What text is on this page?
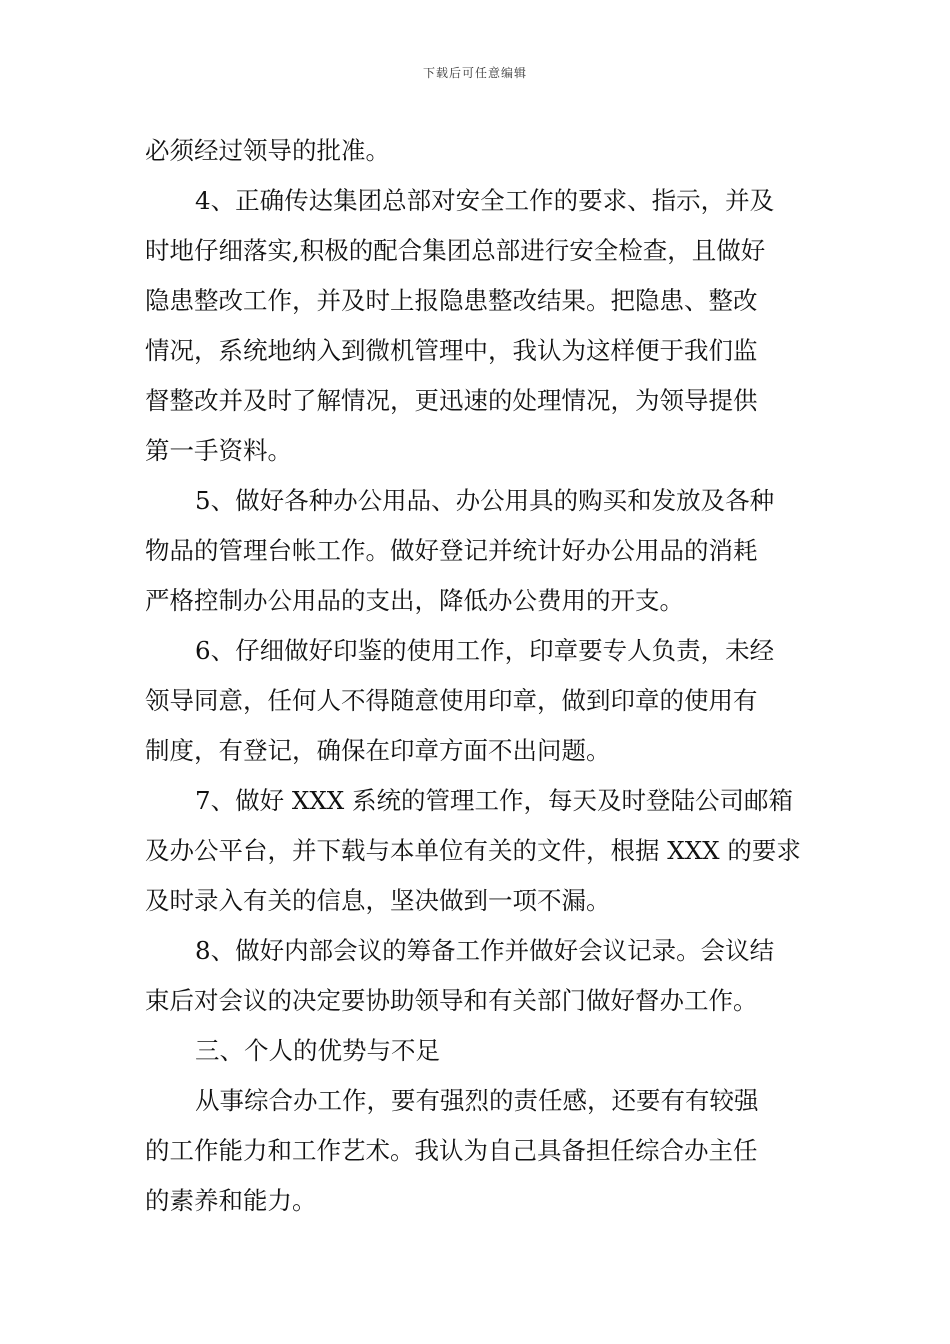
下载后可任意编辑
必须经过领导的批准。
4、正确传达集团总部对安全工作的要求、指示，并及
时地仔细落实,积极的配合集团总部进行安全检查，且做好
隐患整改工作，并及时上报隐患整改结果。把隐患、整改
情况，系统地纳入到微机管理中，我认为这样便于我们监
督整改并及时了解情况，更迅速的处理情况，为领导提供
第一手资料。
5、做好各种办公用品、办公用具的购买和发放及各种
物品的管理台帐工作。做好登记并统计好办公用品的消耗
严格控制办公用品的支出，降低办公费用的开支。
6、仔细做好印鉴的使用工作，印章要专人负责，未经
领导同意，任何人不得随意使用印章，做到印章的使用有
制度，有登记，确保在印章方面不出问题。
7、做好 XXX 系统的管理工作，每天及时登陆公司邮箱
及办公平台，并下载与本单位有关的文件，根据 XXX 的要求
及时录入有关的信息，坚决做到一项不漏。
8、做好内部会议的筹备工作并做好会议记录。会议结
束后对会议的决定要协助领导和有关部门做好督办工作。
三、个人的优势与不足
从事综合办工作，要有强烈的责任感，还要有有较强
的工作能力和工作艺术。我认为自己具备担任综合办主任
的素养和能力。
